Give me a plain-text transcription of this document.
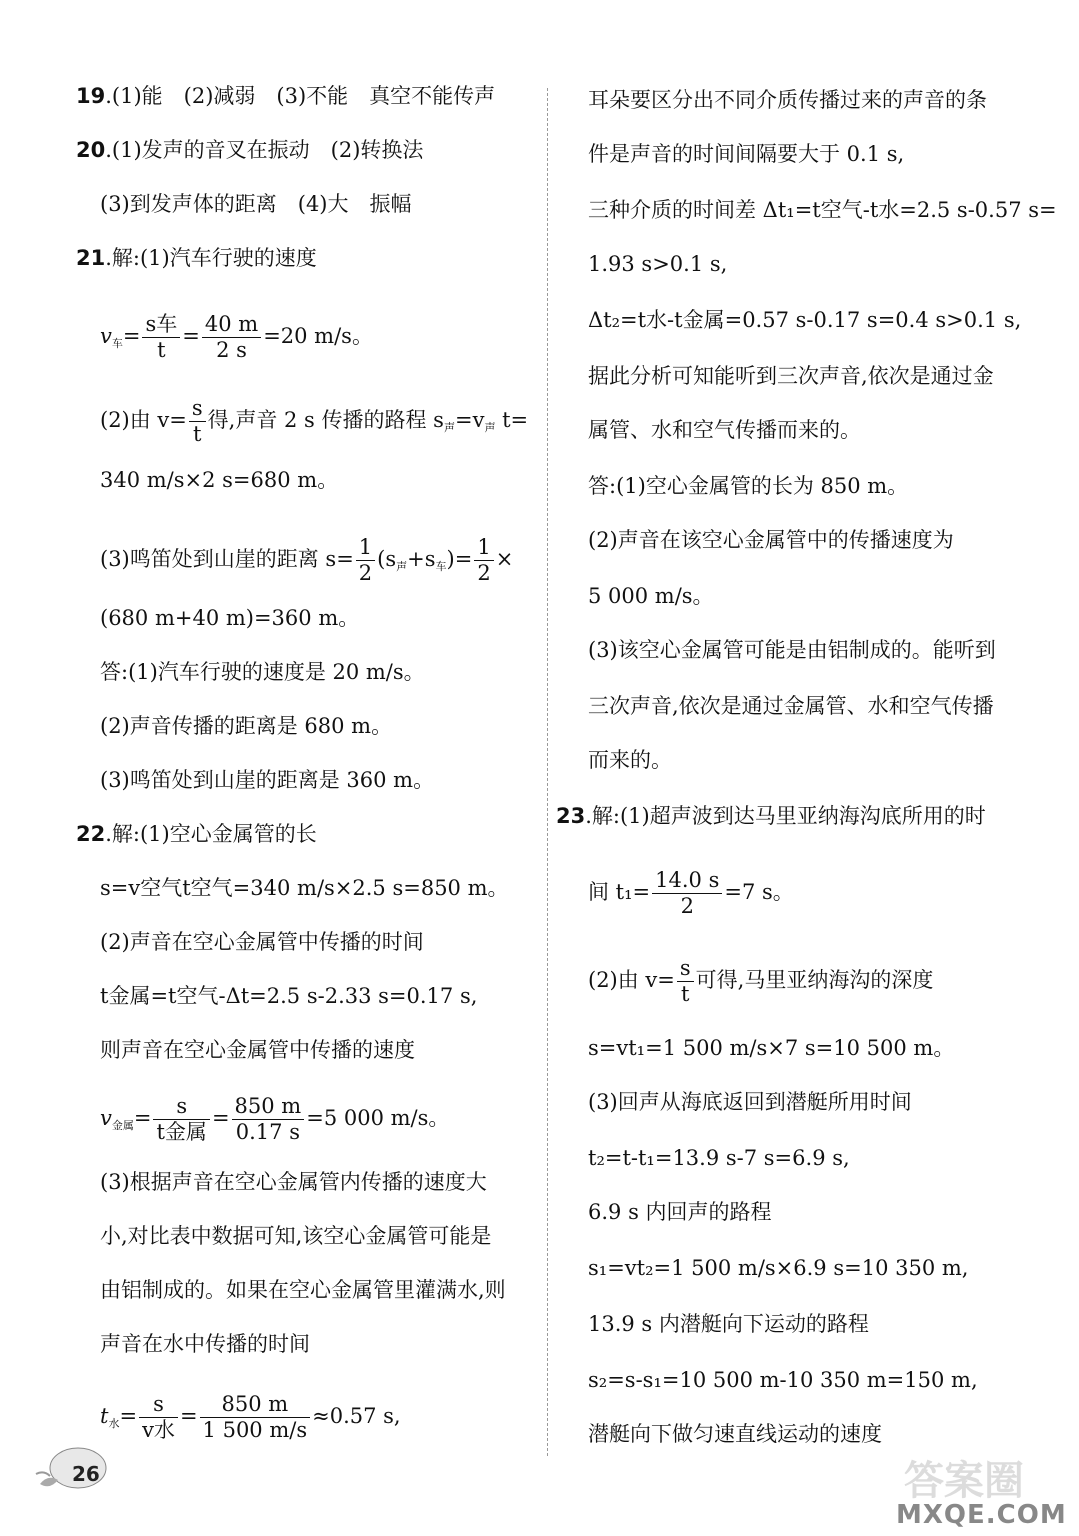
19.(1)能　(2)减弱　(3)不能　真空不能传声
20.(1)发声的音叉在振动　(2)转换法
(3)到发声体的距离　(4)大　振幅
21.解:(1)汽车行驶的速度
$v_车= \frac{\text{s车}}{t} = \frac{40 m}{2 s} =20$ m/s。
(2)由 $v= \frac{s}{t}$ 得,声音 2 s 传播的路程 $s_声=v_声$ t=
340 m/s×2 s=680 m。
(3)鸣笛处到山崖的距离 $s= \frac{1}{2} (s_声+s_车)= \frac{1}{2}$ ×
(680 m+40 m)=360 m。
答:(1)汽车行驶的速度是 20 m/s。
(2)声音传播的距离是 680 m。
(3)鸣笛处到山崖的距离是 360 m。
22.解:(1)空心金属管的长
s=v空气t空气=340 m/s×2.5 s=850 m。
(2)声音在空心金属管中传播的时间
t金属=t空气-Δt=2.5 s-2.33 s=0.17 s,
则声音在空心金属管中传播的速度
$v_{金属}= \frac{s}{\text{t金属}} = \frac{850 m}{0.17 s} =5$ 000 m/s。
(3)根据声音在空心金属管内传播的速度大
小,对比表中数据可知,该空心金属管可能是
由铝制成的。如果在空心金属管里灌满水,则
声音在水中传播的时间
$t_水= \frac{s}{\text{v水}} = \frac{850 m}{1 500 m/s} \approx 0.57$ s,
耳朵要区分出不同介质传播过来的声音的条
件是声音的时间间隔要大于 0.1 s,
三种介质的时间差 Δt₁=t空气-t水=2.5 s-0.57 s=
1.93 s>0.1 s,
Δt₂=t水-t金属=0.57 s-0.17 s=0.4 s>0.1 s,
据此分析可知能听到三次声音,依次是通过金
属管、水和空气传播而来的。
答:(1)空心金属管的长为 850 m。
(2)声音在该空心金属管中的传播速度为
5 000 m/s。
(3)该空心金属管可能是由铝制成的。能听到
三次声音,依次是通过金属管、水和空气传播
而来的。
23.解:(1)超声波到达马里亚纳海沟底所用的时
间 $t_1= \frac{14.0 s}{2} =7$ s。
(2)由 $v= \frac{s}{t}$ 可得,马里亚纳海沟的深度
s=vt₁=1 500 m/s×7 s=10 500 m。
(3)回声从海底返回到潜艇所用时间
t₂=t-t₁=13.9 s-7 s=6.9 s,
6.9 s 内回声的路程
s₁=vt₂=1 500 m/s×6.9 s=10 350 m,
13.9 s 内潜艇向下运动的路程
s₂=s-s₁=10 500 m-10 350 m=150 m,
潜艇向下做匀速直线运动的速度
26	答案圈
MXQE.COM
